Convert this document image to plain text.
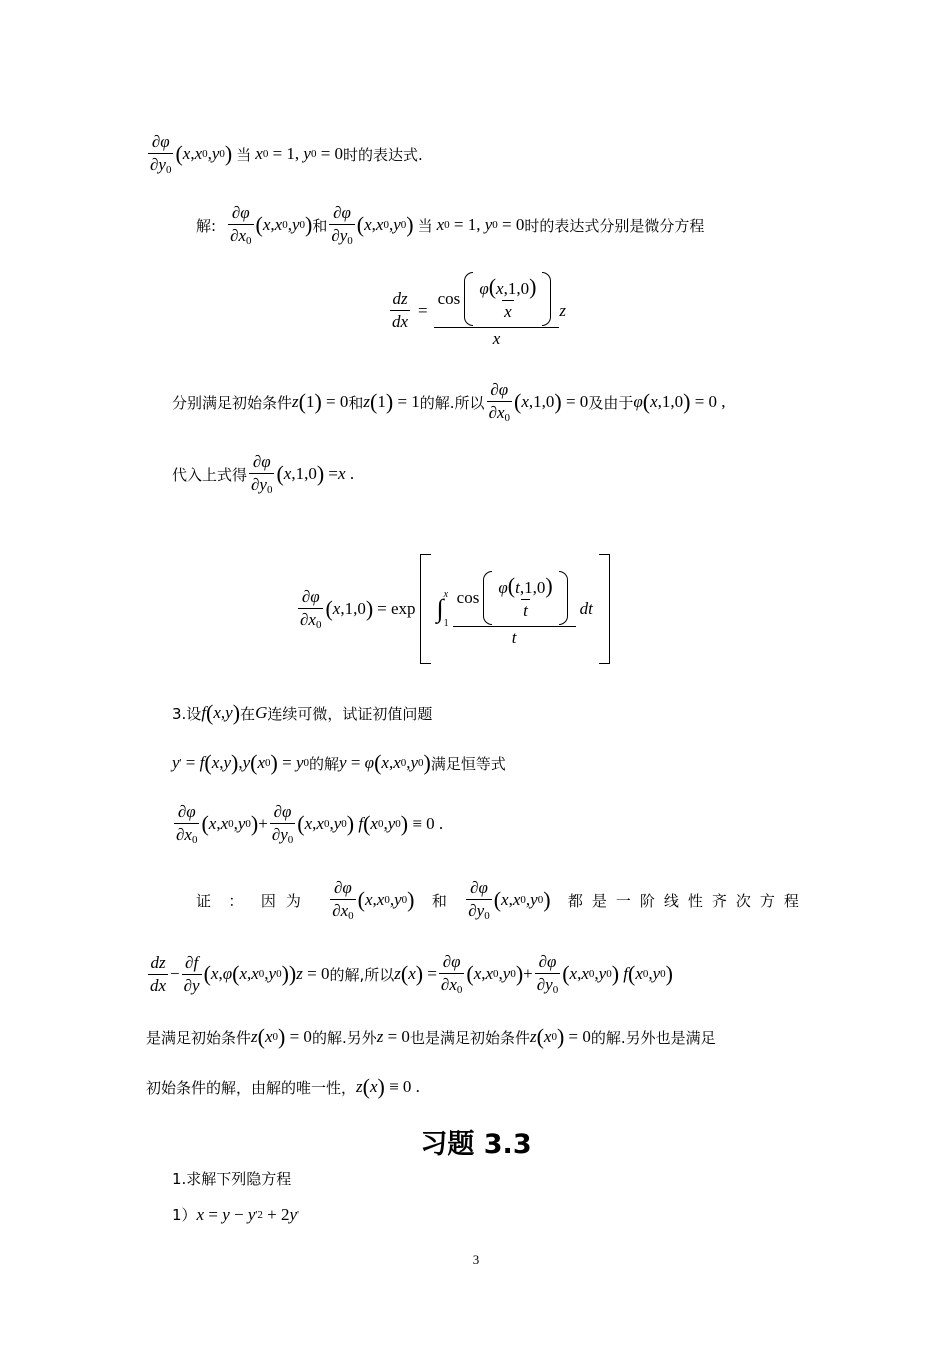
$\frac{\partial\varphi}{\partial y_0}$ ( x , x 0 , y 0 ) 当 x 0 = 1, y 0 = 0 时的表达式.
解: $\frac{\partial\varphi}{\partial x_0}$ ( x , x 0 , y 0 ) 和 $\frac{\partial\varphi}{\partial y_0}$ ( x , x 0 , y 0 ) 当 x 0 = 1, y 0 = 0 时的表达式分别是微分方程
$\frac{dz}{dx} = \frac{\cos \frac{\varphi(x,1,0)}{x}}{x}$ z
分别满足初始条件 z ( 1 ) = 0 和 z ( 1 ) = 1 的解.所以 $\frac{\partial\varphi}{\partial x_0}$ ( x ,1,0 ) = 0 及由于 φ ( x ,1,0 ) = 0 ,
代入上式得 $\frac{\partial\varphi}{\partial y_0}$ ( x ,1,0 ) = x .
$\frac{\partial\varphi}{\partial x_0}$ ( x ,1,0 ) = exp ∫ x
$1 \frac{\cos \frac{\varphi(t,1,0)}{t}}{t}$ dt
3.设 f ( x , y ) 在 G 连续可微，试证初值问题
y ' = f ( x , y ) , y ( x 0 ) = y 0 的解 y = φ ( x , x 0 , y 0 ) 满足恒等式
$\frac{\partial\varphi}{\partial x_0}$ ( x , x 0 , y 0 ) + $\frac{\partial\varphi}{\partial y_0}$ ( x , x 0 , y 0 ) f ( x 0 , y 0 ) ≡ 0 .
证 ： 因为 $\frac{\partial\varphi}{\partial x_0}$ ( x , x 0 , y 0 ) 和 $\frac{\partial\varphi}{\partial y_0}$ ( x , x 0 , y 0 ) 都是一阶线性齐次方程
$\frac{dz}{dx} - \frac{\partial f}{\partial y}$ ( x , φ ( x , x 0 , y 0 ) ) z = 0 的解,所以 z ( x ) = $\frac{\partial\varphi}{\partial x_0}$ ( x , x 0 , y 0 ) + $\frac{\partial\varphi}{\partial y_0}$ ( x , x 0 , y 0 ) f ( x 0 , y 0 )
是满足初始条件 z ( x 0 ) = 0 的解.另外 z = 0 也是满足初始条件 z ( x 0 ) = 0 的解.另外也是满足
初始条件的解，由解的唯一性， z ( x ) ≡ 0 .
习题 3.3
1.求解下列隐方程
1） x = y − y '2 + 2 y '
3
